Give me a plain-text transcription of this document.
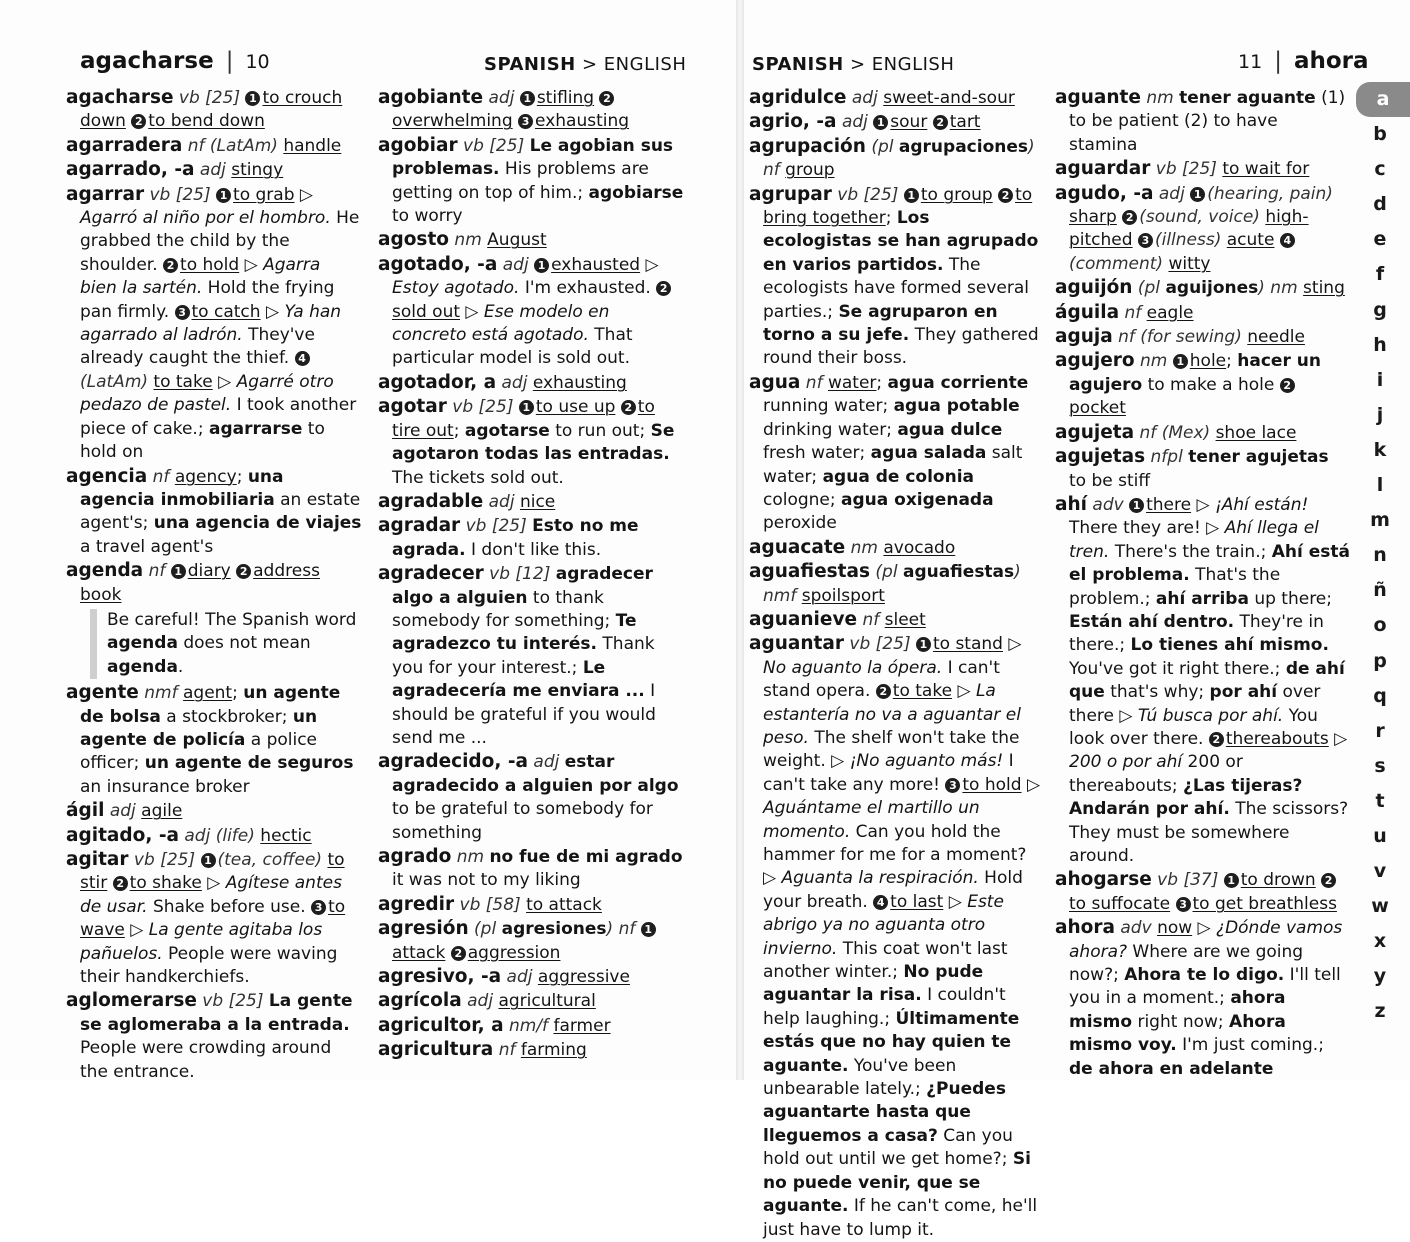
agacharse | 10	SPANISH > ENGLISH
agacharse vb [25] 1 to crouch down 2 to bend down
agarradera nf (LatAm) handle
agarrado, -a adj stingy
agarrar vb [25] 1 to grab ▷ Agarró al niño por el hombro. He grabbed the child by the shoulder. 2 to hold ▷ Agarra bien la sartén. Hold the frying pan firmly. 3 to catch ▷ Ya han agarrado al ladrón. They've already caught the thief. 4(LatAm) to take ▷ Agarré otro pedazo de pastel. I took another piece of cake.; agarrarse to hold on
agencia nf agency; una agencia inmobiliaria an estate agent's; una agencia de viajes a travel agent's
agenda nf 1 diary 2 address book
Be careful! The Spanish word agenda does not mean agenda.
agente nmf agent; un agente de bolsa a stockbroker; un agente de policía a police officer; un agente de seguros an insurance broker
ágil adj agile
agitado, -a adj (life) hectic
agitar vb [25] 1 (tea, coffee) to stir 2 to shake ▷ Agítese antes de usar. Shake before use. 3 to wave ▷ La gente agitaba los pañuelos. People were waving their handkerchiefs.
aglomerarse vb [25] La gente se aglomeraba a la entrada. People were crowding around the entrance.
agobiante adj 1 stifling 2overwhelming 3 exhausting
agobiar vb [25] Le agobian sus problemas. His problems are getting on top of him.; agobiarse to worry
agosto nm August
agotado, -a adj 1 exhausted ▷ Estoy agotado. I'm exhausted. 2sold out ▷ Ese modelo en concreto está agotado. That particular model is sold out.
agotador, a adj exhausting
agotar vb [25] 1 to use up 2 to tire out; agotarse to run out; Se agotaron todas las entradas. The tickets sold out.
agradable adj nice
agradar vb [25] Esto no me agrada. I don't like this.
agradecer vb [12] agradecer algo a alguien to thank somebody for something; Te agradezco tu interés. Thank you for your interest.; Le agradecería me enviara ... I should be grateful if you would send me ...
agradecido, -a adj estar agradecido a alguien por algo to be grateful to somebody for something
agrado nm no fue de mi agrado it was not to my liking
agredir vb [58] to attack
agresión (pl agresiones) nf 1attack 2 aggression
agresivo, -a adj aggressive
agrícola adj agricultural
agricultor, a nm/f farmer
agricultura nf farming
SPANISH > ENGLISH	11 | ahora
agridulce adj sweet-and-sour
agrio, -a adj 1 sour 2 tart
agrupación (pl agrupaciones) nf group
agrupar vb [25] 1 to group 2 to bring together; Los ecologistas se han agrupado en varios partidos. The ecologists have formed several parties.; Se agruparon en torno a su jefe. They gathered round their boss.
agua nf water; agua corriente running water; agua potable drinking water; agua dulce fresh water; agua salada salt water; agua de colonia cologne; agua oxigenada peroxide
aguacate nm avocado
aguafiestas (pl aguafiestas) nmf spoilsport
aguanieve nf sleet
aguantar vb [25] 1 to stand ▷ No aguanto la ópera. I can't stand opera. 2 to take ▷ La estantería no va a aguantar el peso. The shelf won't take the weight. ▷ ¡No aguanto más! I can't take any more! 3 to hold ▷ Aguántame el martillo un momento. Can you hold the hammer for me for a moment? ▷ Aguanta la respiración. Hold your breath. 4 to last ▷ Este abrigo ya no aguanta otro invierno. This coat won't last another winter.; No pude aguantar la risa. I couldn't help laughing.; Últimamente estás que no hay quien te aguante. You've been unbearable lately.; ¿Puedes aguantarte hasta que lleguemos a casa? Can you hold out until we get home?; Si no puede venir, que se aguante. If he can't come, he'll just have to lump it.
aguante nm tener aguante (1) to be patient (2) to have stamina
aguardar vb [25] to wait for
agudo, -a adj 1 (hearing, pain) sharp 2 (sound, voice) high-pitched 3 (illness) acute 4(comment) witty
aguijón (pl aguijones) nm sting
águila nf eagle
aguja nf (for sewing) needle
agujero nm 1 hole; hacer un agujero to make a hole 2pocket
agujeta nf (Mex) shoe lace
agujetas nfpl tener agujetas to be stiff
ahí adv 1 there ▷ ¡Ahí están! There they are! ▷ Ahí llega el tren. There's the train.; Ahí está el problema. That's the problem.; ahí arriba up there; Están ahí dentro. They're in there.; Lo tienes ahí mismo. You've got it right there.; de ahí que that's why; por ahí over there ▷ Tú busca por ahí. You look over there. 2 thereabouts ▷ 200 o por ahí 200 or thereabouts; ¿Las tijeras? Andarán por ahí. The scissors? They must be somewhere around.
ahogarse vb [37] 1 to drown 2to suffocate 3 to get breathless
ahora adv now ▷ ¿Dónde vamos ahora? Where are we going now?; Ahora te lo digo. I'll tell you in a moment.; ahora mismo right now; Ahora mismo voy. I'm just coming.; de ahora en adelante
a
b
c
d
e
f
g
h
i
j
k
l
m
n
ñ
o
p
q
r
s
t
u
v
w
x
y
z
